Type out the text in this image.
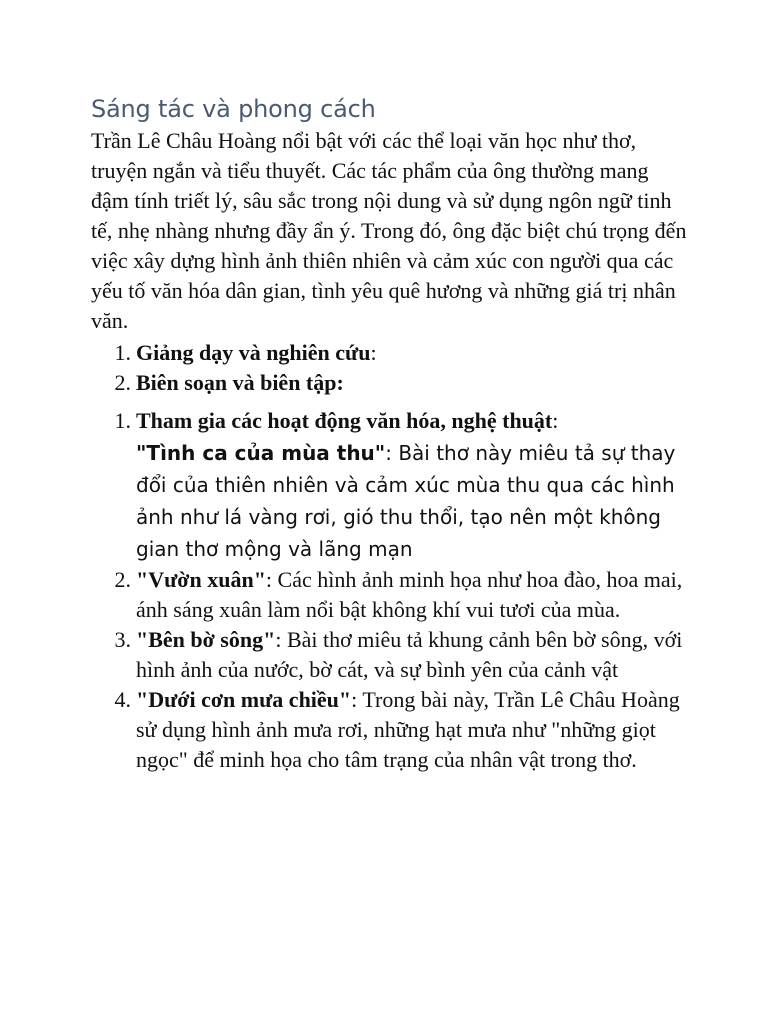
Sáng tác và phong cách

Trần Lê Châu Hoàng nổi bật với các thể loại văn học như thơ, truyện ngắn và tiểu thuyết. Các tác phẩm của ông thường mang đậm tính triết lý, sâu sắc trong nội dung và sử dụng ngôn ngữ tinh tế, nhẹ nhàng nhưng đầy ẩn ý. Trong đó, ông đặc biệt chú trọng đến việc xây dựng hình ảnh thiên nhiên và cảm xúc con người qua các yếu tố văn hóa dân gian, tình yêu quê hương và những giá trị nhân văn.

1. Giảng dạy và nghiên cứu:
2. Biên soạn và biên tập:
1. Tham gia các hoạt động văn hóa, nghệ thuật:
"Tình ca của mùa thu": Bài thơ này miêu tả sự thay đổi của thiên nhiên và cảm xúc mùa thu qua các hình ảnh như lá vàng rơi, gió thu thổi, tạo nên một không gian thơ mộng và lãng mạn
2. "Vườn xuân": Các hình ảnh minh họa như hoa đào, hoa mai, ánh sáng xuân làm nổi bật không khí vui tươi của mùa.
3. "Bên bờ sông": Bài thơ miêu tả khung cảnh bên bờ sông, với hình ảnh của nước, bờ cát, và sự bình yên của cảnh vật
4. "Dưới cơn mưa chiều": Trong bài này, Trần Lê Châu Hoàng sử dụng hình ảnh mưa rơi, những hạt mưa như "những giọt ngọc" để minh họa cho tâm trạng của nhân vật trong thơ.
